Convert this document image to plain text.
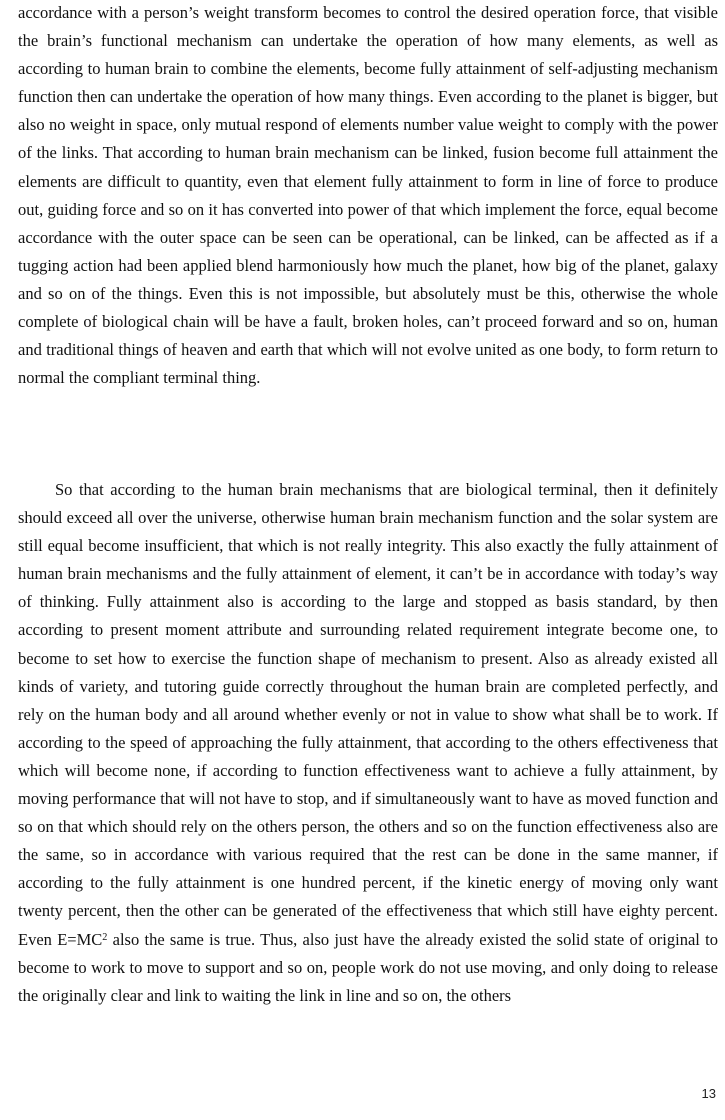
accordance with a person’s weight transform becomes to control the desired operation force, that visible the brain’s functional mechanism can undertake the operation of how many elements, as well as according to human brain to combine the elements, become fully attainment of self-adjusting mechanism function then can undertake the operation of how many things. Even according to the planet is bigger, but also no weight in space, only mutual respond of elements number value weight to comply with the power of the links. That according to human brain mechanism can be linked, fusion become full attainment the elements are difficult to quantity, even that element fully attainment to form in line of force to produce out, guiding force and so on it has converted into power of that which implement the force, equal become accordance with the outer space can be seen can be operational, can be linked, can be affected as if a tugging action had been applied blend harmoniously how much the planet, how big of the planet, galaxy and so on of the things. Even this is not impossible, but absolutely must be this, otherwise the whole complete of biological chain will be have a fault, broken holes, can’t proceed forward and so on, human and traditional things of heaven and earth that which will not evolve united as one body, to form return to normal the compliant terminal thing.

So that according to the human brain mechanisms that are biological terminal, then it definitely should exceed all over the universe, otherwise human brain mechanism function and the solar system are still equal become insufficient, that which is not really integrity. This also exactly the fully attainment of human brain mechanisms and the fully attainment of element, it can’t be in accordance with today’s way of thinking. Fully attainment also is according to the large and stopped as basis standard, by then according to present moment attribute and surrounding related requirement integrate become one, to become to set how to exercise the function shape of mechanism to present. Also as already existed all kinds of variety, and tutoring guide correctly throughout the human brain are completed perfectly, and rely on the human body and all around whether evenly or not in value to show what shall be to work. If according to the speed of approaching the fully attainment, that according to the others effectiveness that which will become none, if according to function effectiveness want to achieve a fully attainment, by moving performance that will not have to stop, and if simultaneously want to have as moved function and so on that which should rely on the others person, the others and so on the function effectiveness also are the same, so in accordance with various required that the rest can be done in the same manner, if according to the fully attainment is one hundred percent, if the kinetic energy of moving only want twenty percent, then the other can be generated of the effectiveness that which still have eighty percent. Even $E=MC^2$ also the same is true. Thus, also just have the already existed the solid state of original to become to work to move to support and so on, people work do not use moving, and only doing to release the originally clear and link to waiting the link in line and so on, the others

13
